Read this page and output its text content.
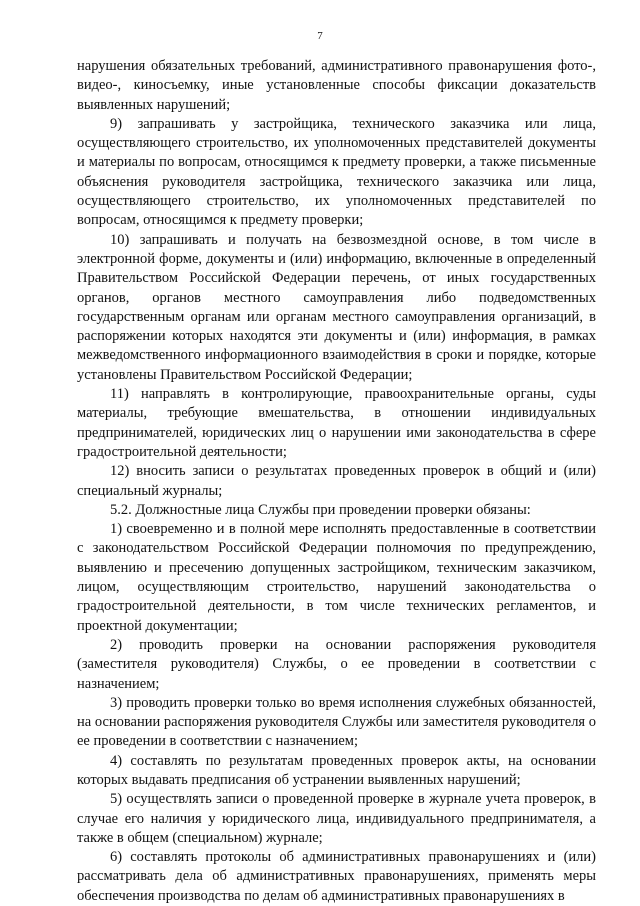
7

нарушения обязательных требований, административного правонарушения фото-, видео-, киносъемку, иные установленные способы фиксации доказательств выявленных нарушений;

9) запрашивать у застройщика, технического заказчика или лица, осуществляющего строительство, их уполномоченных представителей документы и материалы по вопросам, относящимся к предмету проверки, а также письменные объяснения руководителя застройщика, технического заказчика или лица, осуществляющего строительство, их уполномоченных представителей по вопросам, относящимся к предмету проверки;

10) запрашивать и получать на безвозмездной основе, в том числе в электронной форме, документы и (или) информацию, включенные в определенный Правительством Российской Федерации перечень, от иных государственных органов, органов местного самоуправления либо подведомственных государственным органам или органам местного самоуправления организаций, в распоряжении которых находятся эти документы и (или) информация, в рамках межведомственного информационного взаимодействия в сроки и порядке, которые установлены Правительством Российской Федерации;

11) направлять в контролирующие, правоохранительные органы, суды материалы, требующие вмешательства, в отношении индивидуальных предпринимателей, юридических лиц о нарушении ими законодательства в сфере градостроительной деятельности;

12) вносить записи о результатах проведенных проверок в общий и (или) специальный журналы;

5.2. Должностные лица Службы при проведении проверки обязаны:

1) своевременно и в полной мере исполнять предоставленные в соответствии с законодательством Российской Федерации полномочия по предупреждению, выявлению и пресечению допущенных застройщиком, техническим заказчиком, лицом, осуществляющим строительство, нарушений законодательства о градостроительной деятельности, в том числе технических регламентов, и проектной документации;

2) проводить проверки на основании распоряжения руководителя (заместителя руководителя) Службы, о ее проведении в соответствии с назначением;

3) проводить проверки только во время исполнения служебных обязанностей, на основании распоряжения руководителя Службы или заместителя руководителя о ее проведении в соответствии с назначением;

4) составлять по результатам проведенных проверок акты, на основании которых выдавать предписания об устранении выявленных нарушений;

5) осуществлять записи о проведенной проверке в журнале учета проверок, в случае его наличия у юридического лица, индивидуального предпринимателя, а также в общем (специальном) журнале;

6) составлять протоколы об административных правонарушениях и (или) рассматривать дела об административных правонарушениях, применять меры обеспечения производства по делам об административных правонарушениях в
